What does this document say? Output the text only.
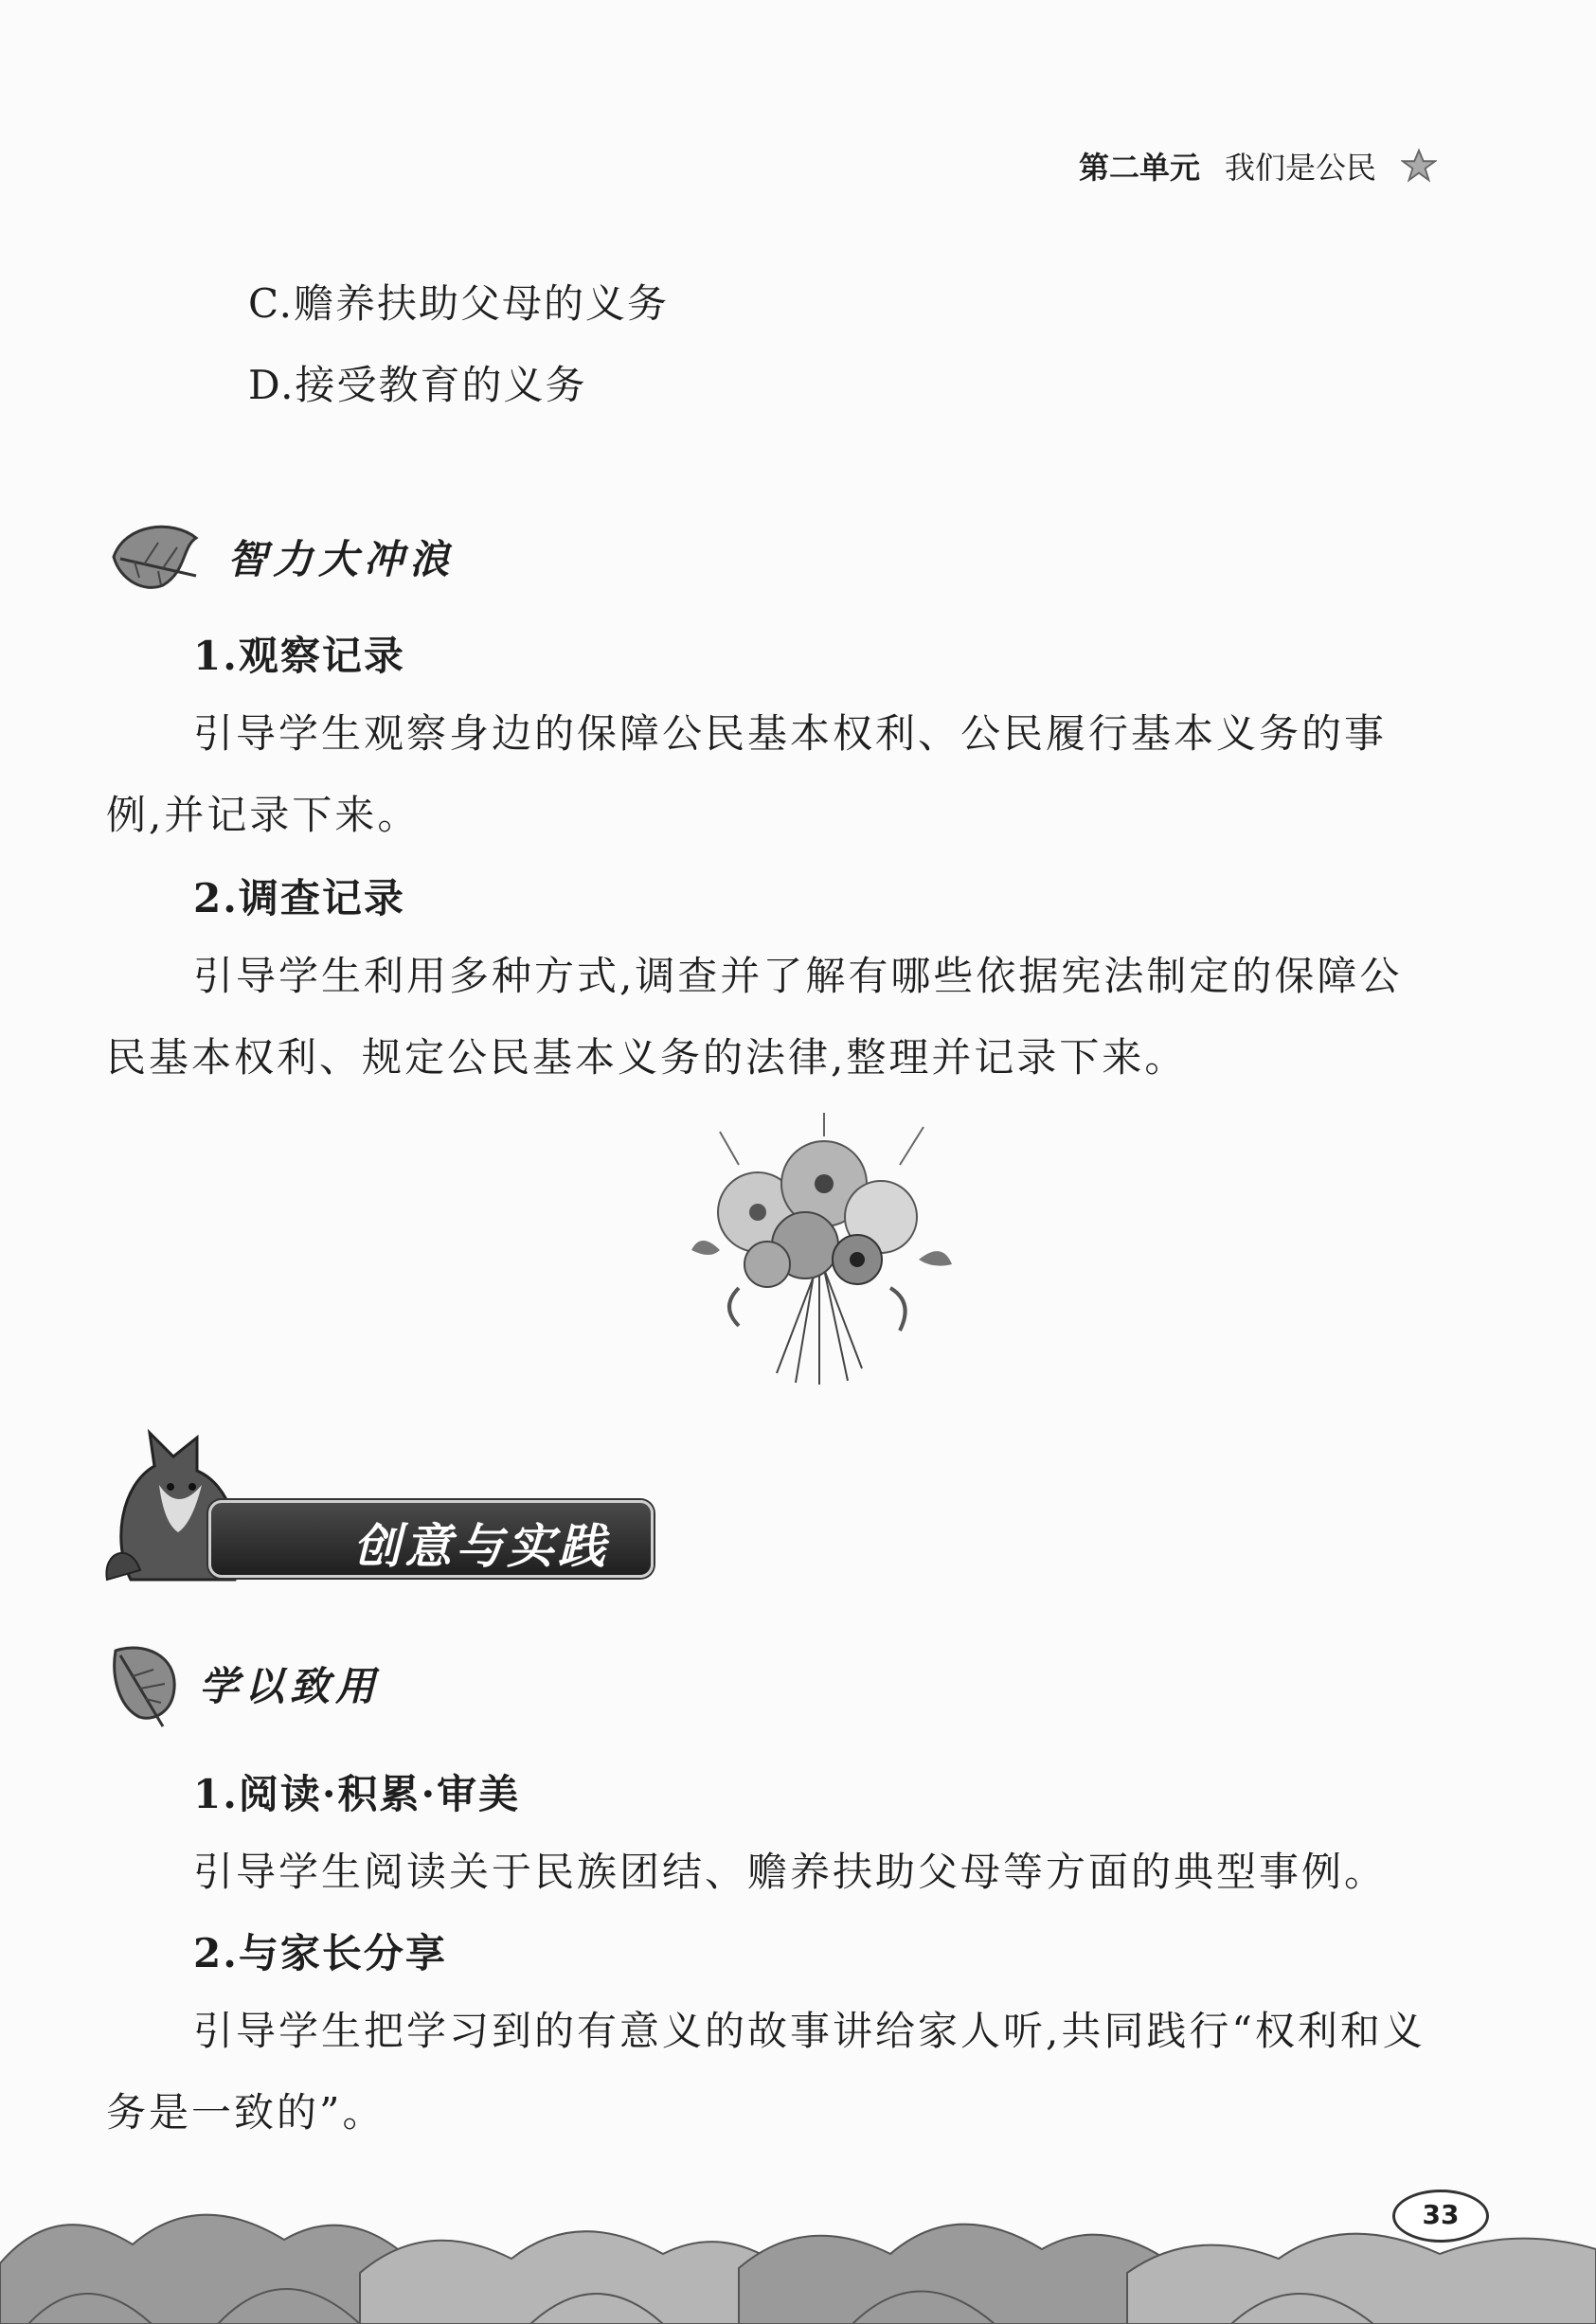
第二单元 我们是公民
C.赡养扶助父母的义务
D.接受教育的义务
智力大冲浪
1.观察记录
引导学生观察身边的保障公民基本权利、公民履行基本义务的事例,并记录下来。
2.调查记录
引导学生利用多种方式,调查并了解有哪些依据宪法制定的保障公民基本权利、规定公民基本义务的法律,整理并记录下来。
创意与实践
学以致用
1.阅读·积累·审美
引导学生阅读关于民族团结、赡养扶助父母等方面的典型事例。
2.与家长分享
引导学生把学习到的有意义的故事讲给家人听,共同践行“权利和义务是一致的”。
33
